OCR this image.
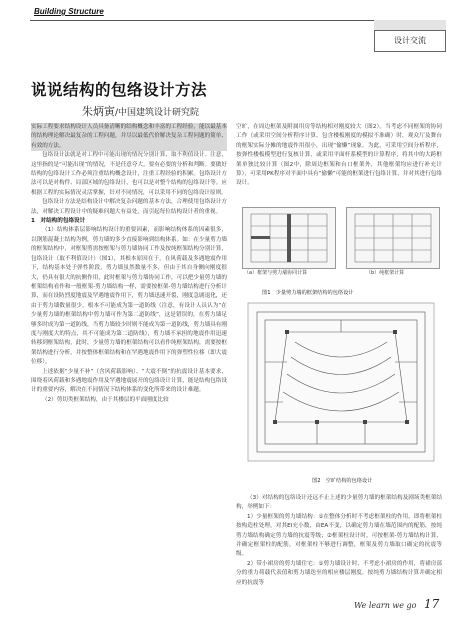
Building Structure
设计交流
说说结构的包络设计方法
朱炳寅/中国建筑设计研究院

实际工程要求结构设计人员具备清晰的结构概念和丰富的工程经验，能以最基本的结构理论解决最复杂的工程问题，并尽以最低代价解决复杂工程问题的简单、有效的方法。

包络设计法就是对工程中可能出现的情况分别计算，取不利值设计。注意，这里指的是“可能出现”的情况，不是任意夸大，要有必要的分析和判断。要做好结构的包络设计工作必须注重结构概念设计，注重工程经验的积累。包络设计方法可以是对构件、局部区域的包络设计，也可以是对整个结构的包络设计等。应根据工程的实际情况灵活掌握，针对不同情况，可以采用不同的包络设计原则。

包络设计方法是结构设计中解决复杂问题的基本方法，合理使用包络设计方法，对解决工程设计中的疑难问题大有益处，而引起每位结构设计者的重视。

1　对结构的包络设计

（1）结构体系层影响结构设计的重要因素，而影响结构体系的因素很多，以钢筋混凝土结构为例，剪力墙的多少直接影响到结构体系。如：在少量剪力墙的框架结构中，对框架剪需按框架与剪力墙协同工作及按纯框架结构分别计算，包络设计（取不利值设计）（图1），其根本原因在于，在风荷载及多遇地震作用下，结构基本处于弹性阶段，剪力墙虽然数量不多，但由于其自身侧向刚度很大，仍具有很大的抗侧作用，此时框架与剪力墙协同工作，可以把少量剪力墙的框架结构看作和一般框架-剪力墙结构一样，需要按框架-剪力墙结构进行分析计算，而在设防烈度地震及罕遇地震作用下，剪力墙迅速开裂，刚度急剧退化，还由于剪力墙数量很少，根本不可能成为第一道防线（注意，有设计人员认为“在少量剪力墙的框架结构中剪力墙可作为第二道防线”，这是错误的，在剪力墙足够多时成为第一道防线，当剪力墙较少时则不能成为第一道防线，剪力墙具有刚度与刚度大的特点，其不可能成为第二道防线），剪力墙不承担的地震作用迅速转移到框架结构，此时，少量剪力墙的框架结构可以看作纯框架结构，需要按框架结构进行分析，并按整体框架结构和在罕遇地震作用下的弹塑性位移（即大震位移）。

上述依据“少量不补”（含风荷载影响）、“大震不倒”的抗震设计基本要求，围绕着风荷载和多遇地震作用及罕遇地震展开的包络设计计算，能是结构包络设计的重要内容，解决在不同情况下结构体系的变化所带来的设计难题。

（2）剪切类框架结构，由于其楼层的平面刚度比较

空旷，在周边框架及附属用房等结构相对刚度较大（图2）。当考虑不同框架的协同工作（或采用空间分析程序计算，包含楼板刚度的模拟不准确）时，观众厅及舞台的框架实际分摊的地震作用很小，出现“偷懒”现象。为此，可采用空间分析程序，按弹性楼板模型进行复核计算，或采用平面杆系模型的计算程序，将其中的大跨框架单独比较计算（图2中，除周边框架和台口框架外，其他框架均应进行补充计算），可采用PK程序对平面中具有“偷懒”可能的框架进行包络计算，并对其进行包络设计。

（a）框架与剪力墙协同计算	（b）纯框架计算
图1　少量剪力墙的框架结构的包络设计
图2　空旷结构的包络设计

（3）对结构的包络设计还远不止上述的少量剪力墙的框架结构及剧场类框架结构，举例如下：

1）少量框架的剪力墙结构：①在整体分析时不考虑框架柱的作用，即将框架柱按构造柱处理，对其EI充小数，由EA不变，以确定剪力墙在墙范围内的配筋，按纯剪力墙结构确定剪力墙的抗震等级；②框架柱设计时，可按框架-剪力墙结构计算，并确定框架柱的配筋，对框架柱不够进行调整，框架及剪力墙取口确定的抗震等级。

2）带小裙房的剪力墙住宅：①剪力墙设计时，不考虑小裙房的作用，将裙房部分的重力荷载代表值和剪力墙迭至的相应楼层刚度，按纯剪力墙结构计算并确定相应的抗震等

We learn we go 17
